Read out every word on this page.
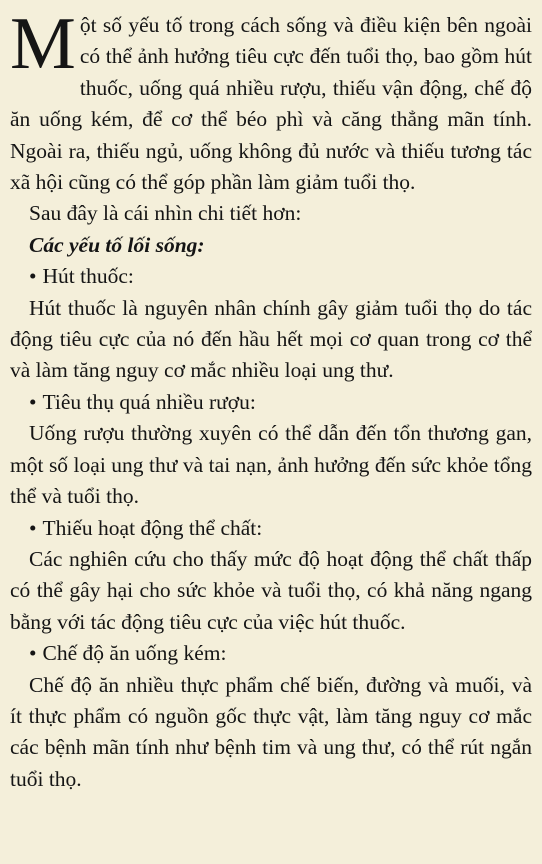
Một số yếu tố trong cách sống và điều kiện bên ngoài có thể ảnh hưởng tiêu cực đến tuổi thọ, bao gồm hút thuốc, uống quá nhiều rượu, thiếu vận động, chế độ ăn uống kém, để cơ thể béo phì và căng thẳng mãn tính. Ngoài ra, thiếu ngủ, uống không đủ nước và thiếu tương tác xã hội cũng có thể góp phần làm giảm tuổi thọ.

Sau đây là cái nhìn chi tiết hơn:

Các yếu tố lối sống:

• Hút thuốc:

Hút thuốc là nguyên nhân chính gây giảm tuổi thọ do tác động tiêu cực của nó đến hầu hết mọi cơ quan trong cơ thể và làm tăng nguy cơ mắc nhiều loại ung thư.

• Tiêu thụ quá nhiều rượu:

Uống rượu thường xuyên có thể dẫn đến tổn thương gan, một số loại ung thư và tai nạn, ảnh hưởng đến sức khỏe tổng thể và tuổi thọ.

• Thiếu hoạt động thể chất:

Các nghiên cứu cho thấy mức độ hoạt động thể chất thấp có thể gây hại cho sức khỏe và tuổi thọ, có khả năng ngang bằng với tác động tiêu cực của việc hút thuốc.

• Chế độ ăn uống kém:

Chế độ ăn nhiều thực phẩm chế biến, đường và muối, và ít thực phẩm có nguồn gốc thực vật, làm tăng nguy cơ mắc các bệnh mãn tính như bệnh tim và ung thư, có thể rút ngắn tuổi thọ.
